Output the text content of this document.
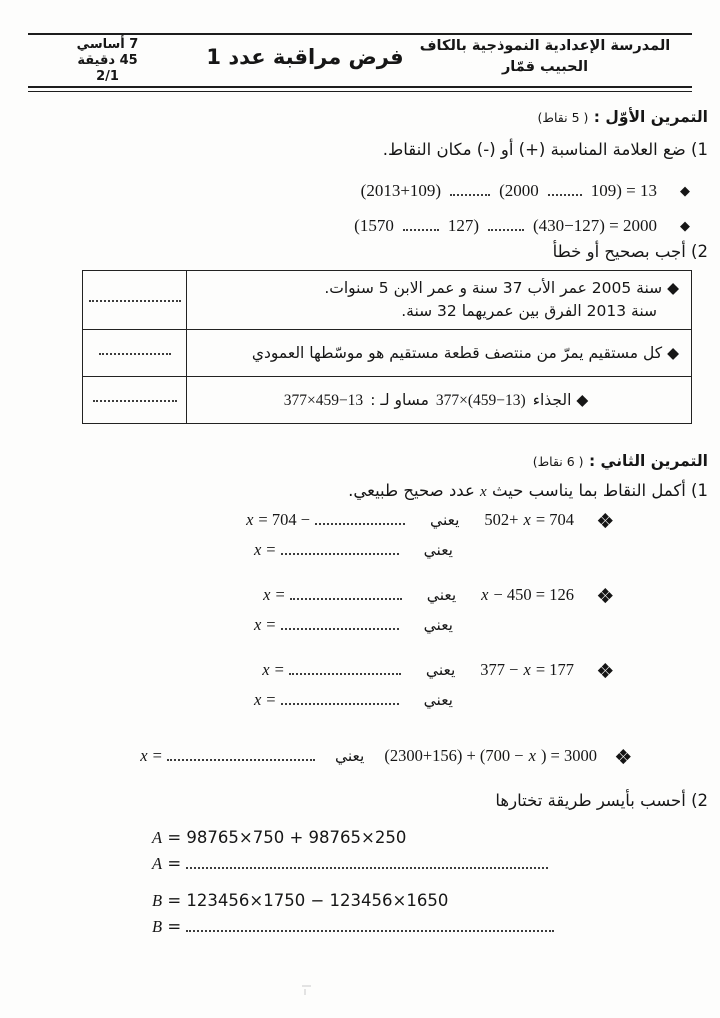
7 أساسي
45 دقيقة
2/1
فرض مراقبة عدد 1	المدرسة الإعدادية النموذجية بالكاف
الحبيب قمّار
التمرين الأوّل : ( 5 نقاط)
1) ضع العلامة المناسبة (+) أو (-) مكان النقاط.
(2013+109)	(2000	109) = 13 ◆
(1570	127)	(430−127) = 2000 ◆
2) أجب بصحيح أو خطأ
◆ سنة 2005 عمر الأب 37 سنة و عمر الابن 5 سنوات.
سنة 2013 الفرق بين عمريهما 32 سنة.
◆ كل مستقيم يمرّ من منتصف قطعة مستقيم هو موسّطها العمودي
◆ الجذاء
377×(459−13)
مساو لـ :
377×459−13
التمرين الثاني : ( 6 نقاط)
1) أكمل النقاط بما يناسب حيث x عدد صحيح طبيعي.
502+ x = 704
يعني
x = 704 −
يعني
x =
x − 450 = 126
يعني
x =
يعني
x =
377 − x = 177
يعني
x =
يعني
x =
(2300+156) + (700 − x ) = 3000
يعني
x =
2) أحسب بأيسر طريقة تختارها
A = 98765×750 + 98765×250
A =

B = 123456×1750 − 123456×1650
B =
